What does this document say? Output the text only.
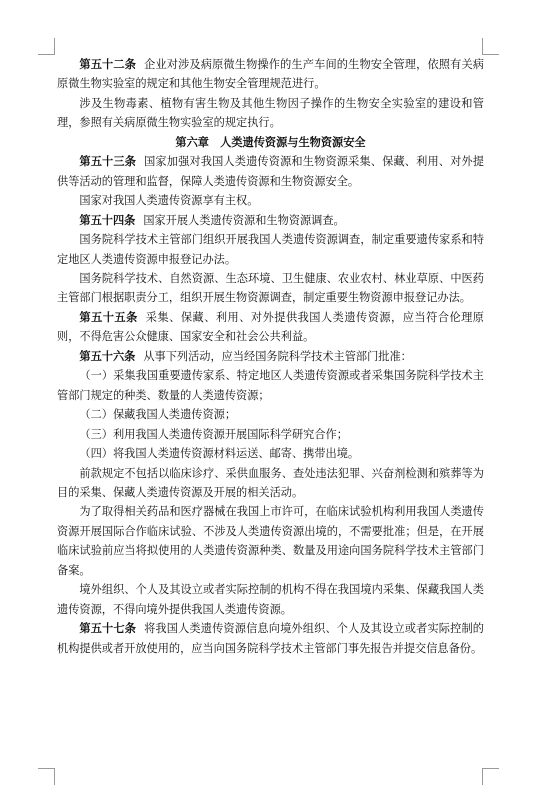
第五十二条 企业对涉及病原微生物操作的生产车间的生物安全管理，依照有关病原微生物实验室的规定和其他生物安全管理规范进行。

涉及生物毒素、植物有害生物及其他生物因子操作的生物安全实验室的建设和管理，参照有关病原微生物实验室的规定执行。

第六章　人类遗传资源与生物资源安全

第五十三条 国家加强对我国人类遗传资源和生物资源采集、保藏、利用、对外提供等活动的管理和监督，保障人类遗传资源和生物资源安全。

国家对我国人类遗传资源享有主权。

第五十四条 国家开展人类遗传资源和生物资源调查。

国务院科学技术主管部门组织开展我国人类遗传资源调查，制定重要遗传家系和特定地区人类遗传资源申报登记办法。

国务院科学技术、自然资源、生态环境、卫生健康、农业农村、林业草原、中医药主管部门根据职责分工，组织开展生物资源调查，制定重要生物资源申报登记办法。

第五十五条 采集、保藏、利用、对外提供我国人类遗传资源，应当符合伦理原则，不得危害公众健康、国家安全和社会公共利益。

第五十六条 从事下列活动，应当经国务院科学技术主管部门批准：

（一）采集我国重要遗传家系、特定地区人类遗传资源或者采集国务院科学技术主管部门规定的种类、数量的人类遗传资源；

（二）保藏我国人类遗传资源；

（三）利用我国人类遗传资源开展国际科学研究合作；

（四）将我国人类遗传资源材料运送、邮寄、携带出境。

前款规定不包括以临床诊疗、采供血服务、查处违法犯罪、兴奋剂检测和殡葬等为目的采集、保藏人类遗传资源及开展的相关活动。

为了取得相关药品和医疗器械在我国上市许可，在临床试验机构利用我国人类遗传资源开展国际合作临床试验、不涉及人类遗传资源出境的，不需要批准；但是，在开展临床试验前应当将拟使用的人类遗传资源种类、数量及用途向国务院科学技术主管部门备案。

境外组织、个人及其设立或者实际控制的机构不得在我国境内采集、保藏我国人类遗传资源，不得向境外提供我国人类遗传资源。

第五十七条 将我国人类遗传资源信息向境外组织、个人及其设立或者实际控制的机构提供或者开放使用的，应当向国务院科学技术主管部门事先报告并提交信息备份。
